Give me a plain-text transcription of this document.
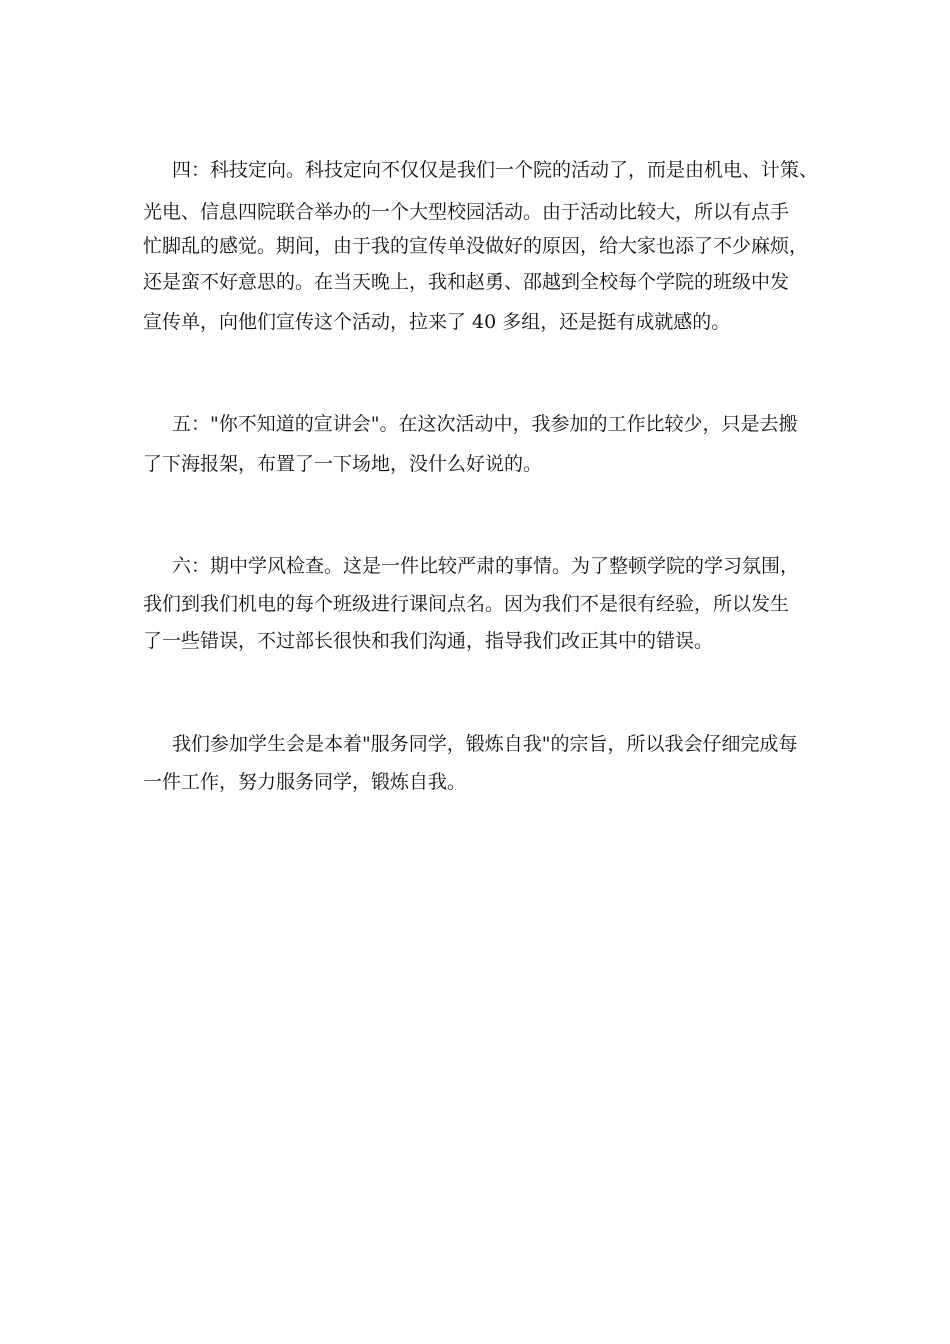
四：科技定向。科技定向不仅仅是我们一个院的活动了，而是由机电、计策、
光电、信息四院联合举办的一个大型校园活动。由于活动比较大，所以有点手
忙脚乱的感觉。期间，由于我的宣传单没做好的原因，给大家也添了不少麻烦，
还是蛮不好意思的。在当天晚上，我和赵勇、邵越到全校每个学院的班级中发
宣传单，向他们宣传这个活动，拉来了 40 多组，还是挺有成就感的。
五："你不知道的宣讲会"。在这次活动中，我参加的工作比较少，只是去搬
了下海报架，布置了一下场地，没什么好说的。
六：期中学风检查。这是一件比较严肃的事情。为了整顿学院的学习氛围，
我们到我们机电的每个班级进行课间点名。因为我们不是很有经验，所以发生
了一些错误，不过部长很快和我们沟通，指导我们改正其中的错误。
我们参加学生会是本着"服务同学，锻炼自我"的宗旨，所以我会仔细完成每
一件工作，努力服务同学，锻炼自我。
